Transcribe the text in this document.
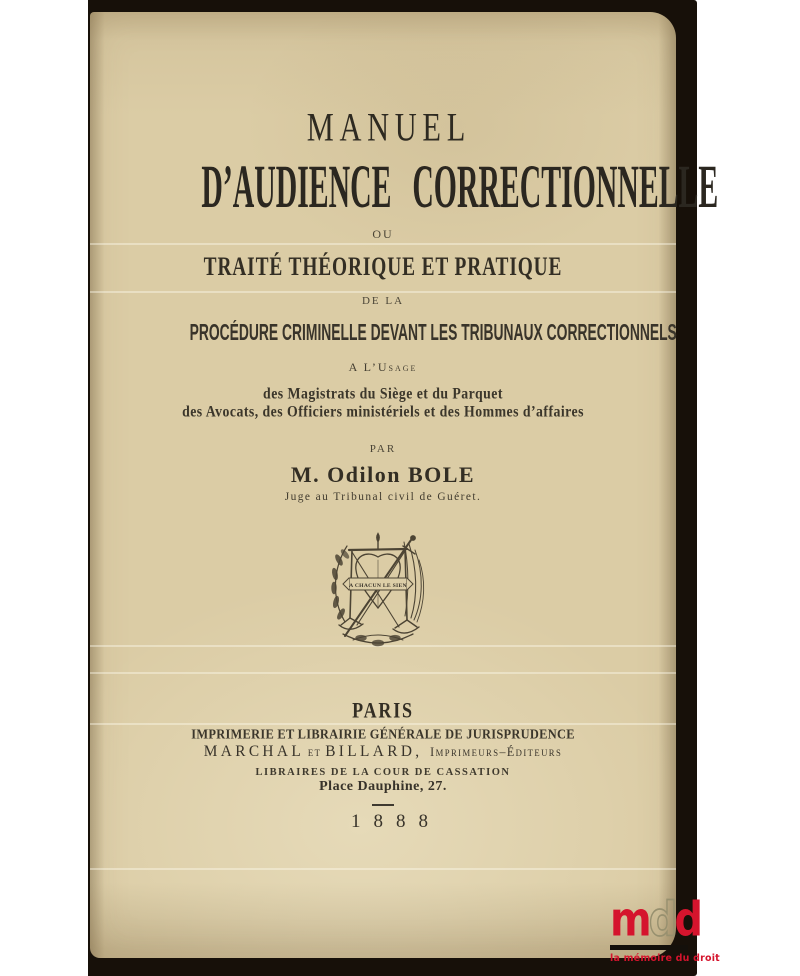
MANUEL
D’AUDIENCE CORRECTIONNELLE
OU
TRAITÉ THÉORIQUE ET PRATIQUE
DE LA
PROCÉDURE CRIMINELLE DEVANT LES TRIBUNAUX CORRECTIONNELS
A L’Usage
des Magistrats du Siège et du Parquet
des Avocats, des Officiers ministériels et des Hommes d’affaires
PAR
M. Odilon BOLE
Juge au Tribunal civil de Guéret.
A CHACUN LE SIEN
PARIS
IMPRIMERIE ET LIBRAIRIE GÉNÉRALE DE JURISPRUDENCE
MARCHAL et BILLARD, Imprimeurs–Éditeurs
LIBRAIRES DE LA COUR DE CASSATION
Place Dauphine, 27.
1888
mdd
la mémoire du droit
